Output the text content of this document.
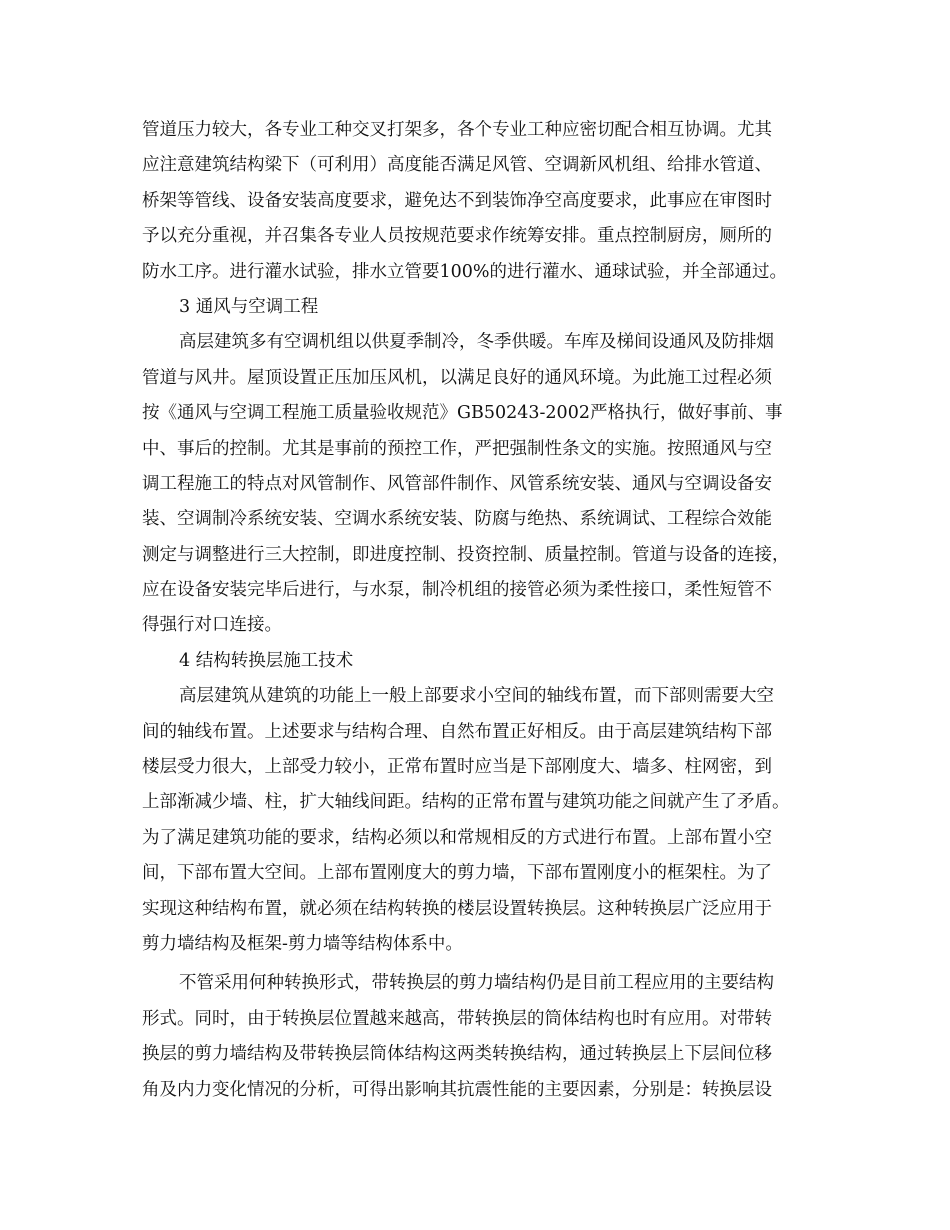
管道压力较大，各专业工种交叉打架多，各个专业工种应密切配合相互协调。尤其
应注意建筑结构梁下（可利用）高度能否满足风管、空调新风机组、给排水管道、
桥架等管线、设备安装高度要求，避免达不到装饰净空高度要求，此事应在审图时
予以充分重视，并召集各专业人员按规范要求作统筹安排。重点控制厨房，厕所的
防水工序。进行灌水试验，排水立管要100%的进行灌水、通球试验，并全部通过。
3 通风与空调工程
高层建筑多有空调机组以供夏季制冷，冬季供暖。车库及梯间设通风及防排烟
管道与风井。屋顶设置正压加压风机，以满足良好的通风环境。为此施工过程必须
按《通风与空调工程施工质量验收规范》GB50243-2002严格执行，做好事前、事
中、事后的控制。尤其是事前的预控工作，严把强制性条文的实施。按照通风与空
调工程施工的特点对风管制作、风管部件制作、风管系统安装、通风与空调设备安
装、空调制冷系统安装、空调水系统安装、防腐与绝热、系统调试、工程综合效能
测定与调整进行三大控制，即进度控制、投资控制、质量控制。管道与设备的连接，
应在设备安装完毕后进行，与水泵，制冷机组的接管必须为柔性接口，柔性短管不
得强行对口连接。
4 结构转换层施工技术
高层建筑从建筑的功能上一般上部要求小空间的轴线布置，而下部则需要大空
间的轴线布置。上述要求与结构合理、自然布置正好相反。由于高层建筑结构下部
楼层受力很大，上部受力较小，正常布置时应当是下部刚度大、墙多、柱网密，到
上部渐减少墙、柱，扩大轴线间距。结构的正常布置与建筑功能之间就产生了矛盾。
为了满足建筑功能的要求，结构必须以和常规相反的方式进行布置。上部布置小空
间，下部布置大空间。上部布置刚度大的剪力墙，下部布置刚度小的框架柱。为了
实现这种结构布置，就必须在结构转换的楼层设置转换层。这种转换层广泛应用于
剪力墙结构及框架-剪力墙等结构体系中。
不管采用何种转换形式，带转换层的剪力墙结构仍是目前工程应用的主要结构
形式。同时，由于转换层位置越来越高，带转换层的筒体结构也时有应用。对带转
换层的剪力墙结构及带转换层筒体结构这两类转换结构，通过转换层上下层间位移
角及内力变化情况的分析，可得出影响其抗震性能的主要因素，分别是：转换层设
